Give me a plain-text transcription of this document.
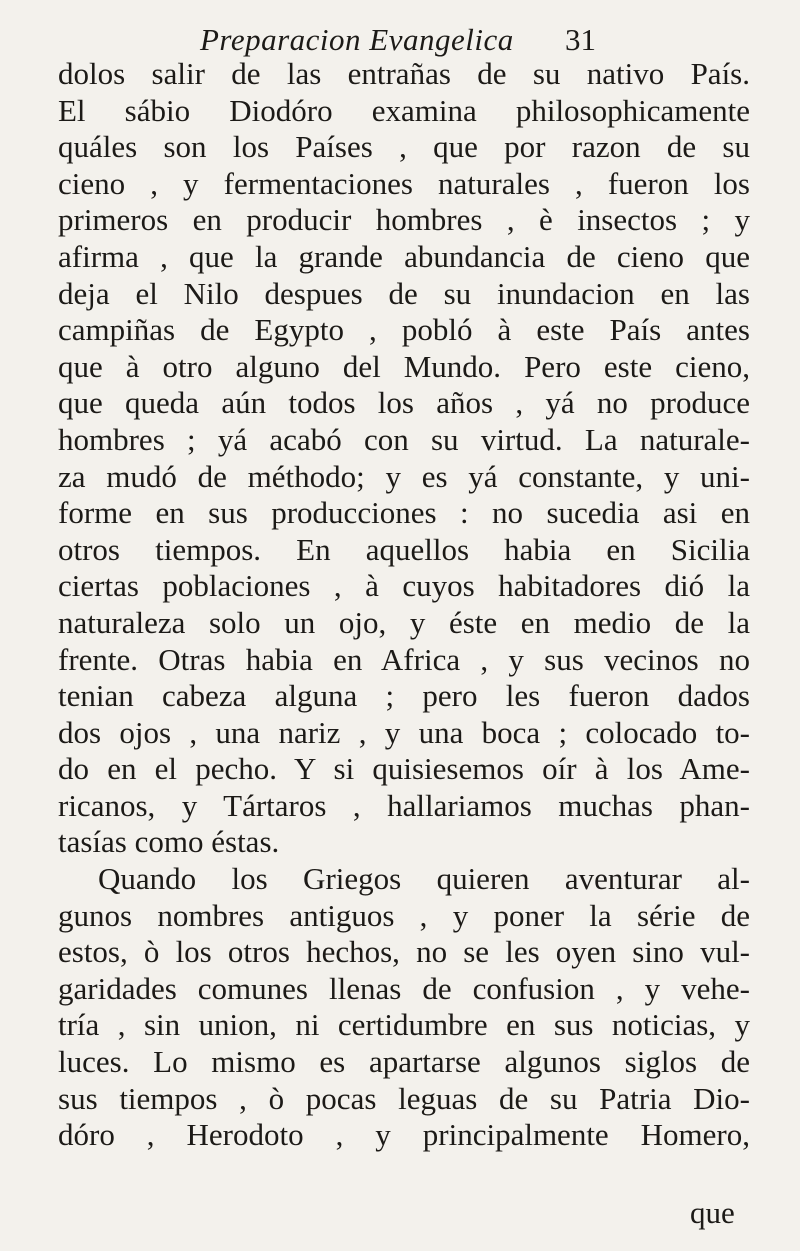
Preparacion Evangelica 31
dolos salir de las entrañas de su nativo País.
El sábio Diodóro examina philosophicamente
quáles son los Países , que por razon de su
cieno , y fermentaciones naturales , fueron los
primeros en producir hombres , è insectos ; y
afirma , que la grande abundancia de cieno que
deja el Nilo despues de su inundacion en las
campiñas de Egypto , pobló à este País antes
que à otro alguno del Mundo. Pero este cieno,
que queda aún todos los años , yá no produce
hombres ; yá acabó con su virtud. La naturale-
za mudó de méthodo; y es yá constante, y uni-
forme en sus producciones : no sucedia asi en
otros tiempos. En aquellos habia en Sicilia
ciertas poblaciones , à cuyos habitadores dió la
naturaleza solo un ojo, y éste en medio de la
frente. Otras habia en Africa , y sus vecinos no
tenian cabeza alguna ; pero les fueron dados
dos ojos , una nariz , y una boca ; colocado to-
do en el pecho. Y si quisiesemos oír à los Ame-
ricanos, y Tártaros , hallariamos muchas phan-
tasías como éstas.
Quando los Griegos quieren aventurar al-
gunos nombres antiguos , y poner la série de
estos, ò los otros hechos, no se les oyen sino vul-
garidades comunes llenas de confusion , y vehe-
tría , sin union, ni certidumbre en sus noticias, y
luces. Lo mismo es apartarse algunos siglos de
sus tiempos , ò pocas leguas de su Patria Dio-
dóro , Herodoto , y principalmente Homero,
que
